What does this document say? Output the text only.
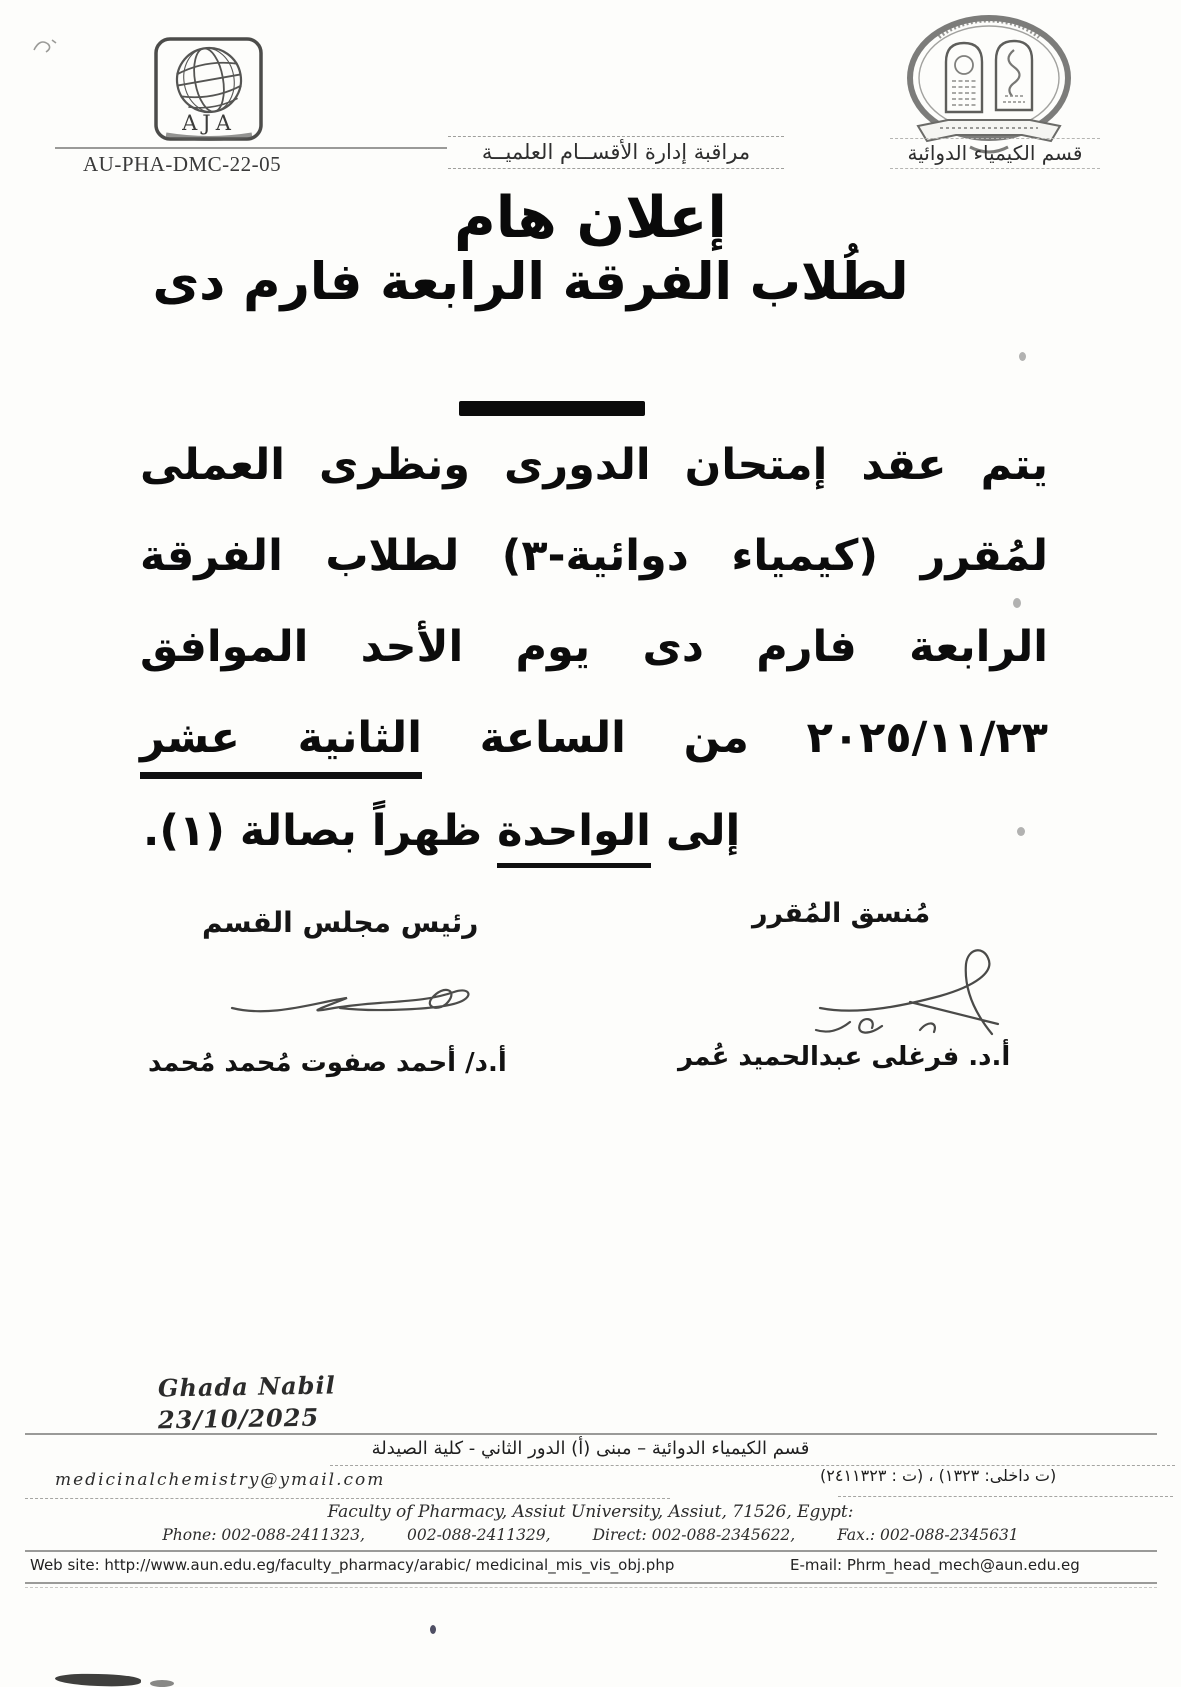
AJA
AU-PHA-DMC-22-05	مراقبة إدارة الأقســام العلميــة	قسم الكيمياء الدوائية
إعلان هام
لطُلاب الفرقة الرابعة فارم دى
يتم عقد إمتحان الدورى ونظرى العملى
لمُقرر (كيمياء دوائية-٣) لطلاب الفرقة
الرابعة فارم دى يوم الأحد الموافق
٢٠٢٥/١١/٢٣ من الساعة الثانية عشر
إلى الواحدة ظهراً بصالة (١).
مُنسق المُقرر
رئيس مجلس القسم
أ.د. فرغلى عبدالحميد عُمر
أ.د/ أحمد صفوت مُحمد مُحمد
Ghada Nabil
23/10/2025
قسم الكيمياء الدوائية – مبنى (أ) الدور الثاني - كلية الصيدلة
medicinalchemistry@ymail.com	(ت داخلى: ١٣٢٣) ، (ت : ٢٤١١٣٢٣)
Faculty of Pharmacy, Assiut University, Assiut, 71526, Egypt:
Phone: 002-088-2411323,	002-088-2411329,	Direct: 002-088-2345622,	Fax.: 002-088-2345631
Web site: http://www.aun.edu.eg/faculty_pharmacy/arabic/ medicinal_mis_vis_obj.php	E-mail: Phrm_head_mech@aun.edu.eg
